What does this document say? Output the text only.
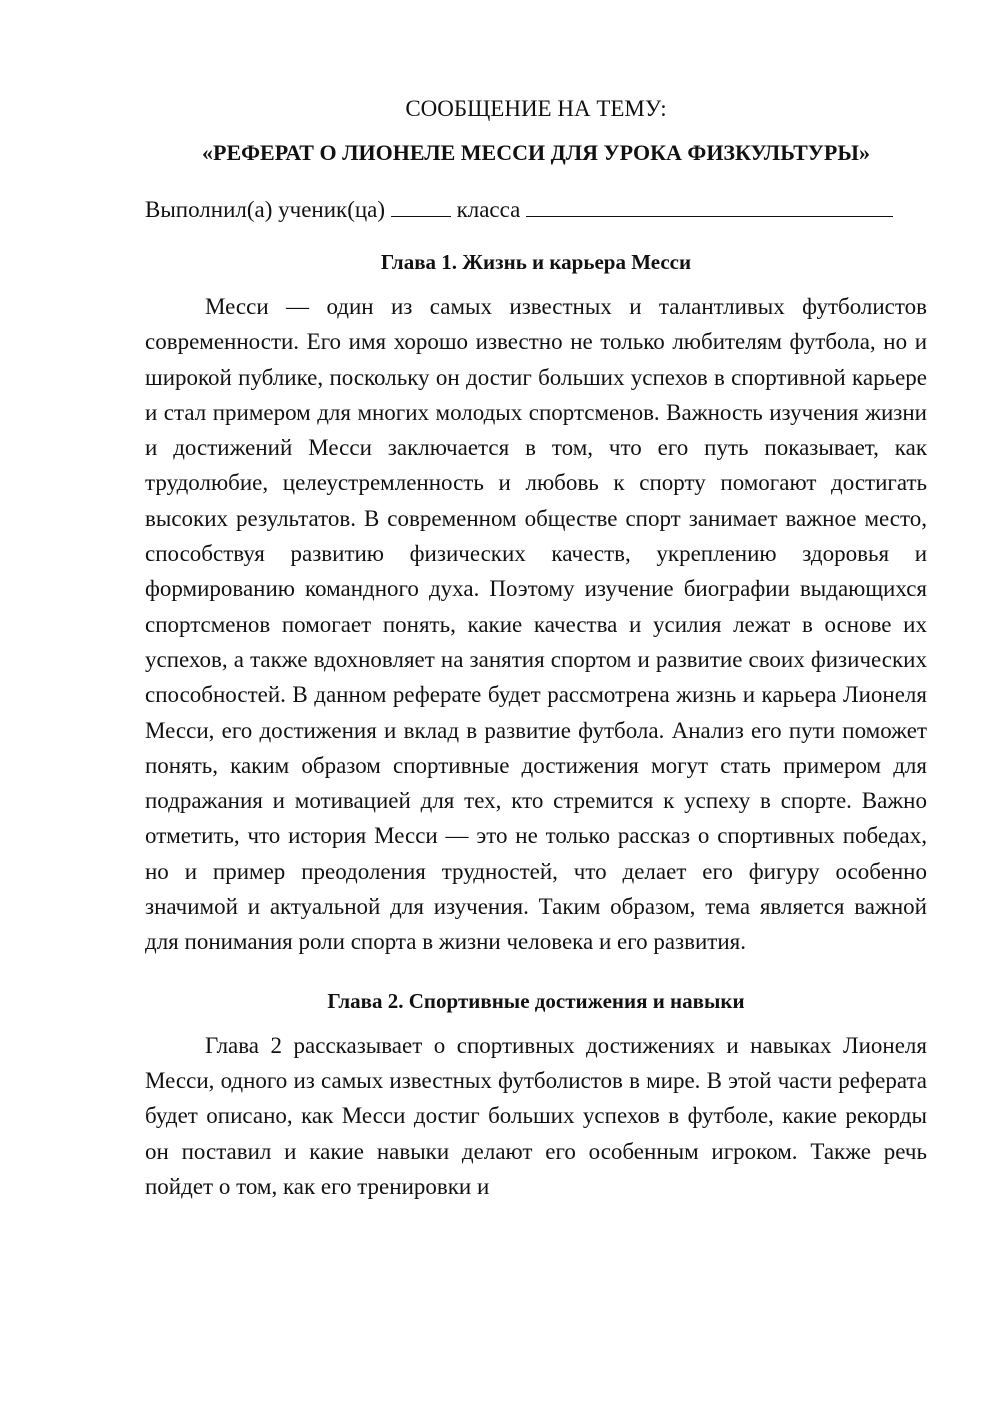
СООБЩЕНИЕ НА ТЕМУ:

«РЕФЕРАТ О ЛИОНЕЛЕ МЕССИ ДЛЯ УРОКА ФИЗКУЛЬТУРЫ»

Выполнил(а) ученик(ца)	класса

Глава 1. Жизнь и карьера Месси

Месси — один из самых известных и талантливых футболистов современности. Его имя хорошо известно не только любителям футбола, но и широкой публике, поскольку он достиг больших успехов в спортивной карьере и стал примером для многих молодых спортсменов. Важность изучения жизни и достижений Месси заключается в том, что его путь показывает, как трудолюбие, целеустремленность и любовь к спорту помогают достигать высоких результатов. В современном обществе спорт занимает важное место, способствуя развитию физических качеств, укреплению здоровья и формированию командного духа. Поэтому изучение биографии выдающихся спортсменов помогает понять, какие качества и усилия лежат в основе их успехов, а также вдохновляет на занятия спортом и развитие своих физических способностей. В данном реферате будет рассмотрена жизнь и карьера Лионеля Месси, его достижения и вклад в развитие футбола. Анализ его пути поможет понять, каким образом спортивные достижения могут стать примером для подражания и мотивацией для тех, кто стремится к успеху в спорте. Важно отметить, что история Месси — это не только рассказ о спортивных победах, но и пример преодоления трудностей, что делает его фигуру особенно значимой и актуальной для изучения. Таким образом, тема является важной для понимания роли спорта в жизни человека и его развития.

Глава 2. Спортивные достижения и навыки

Глава 2 рассказывает о спортивных достижениях и навыках Лионеля Месси, одного из самых известных футболистов в мире. В этой части реферата будет описано, как Месси достиг больших успехов в футболе, какие рекорды он поставил и какие навыки делают его особенным игроком. Также речь пойдет о том, как его тренировки и
